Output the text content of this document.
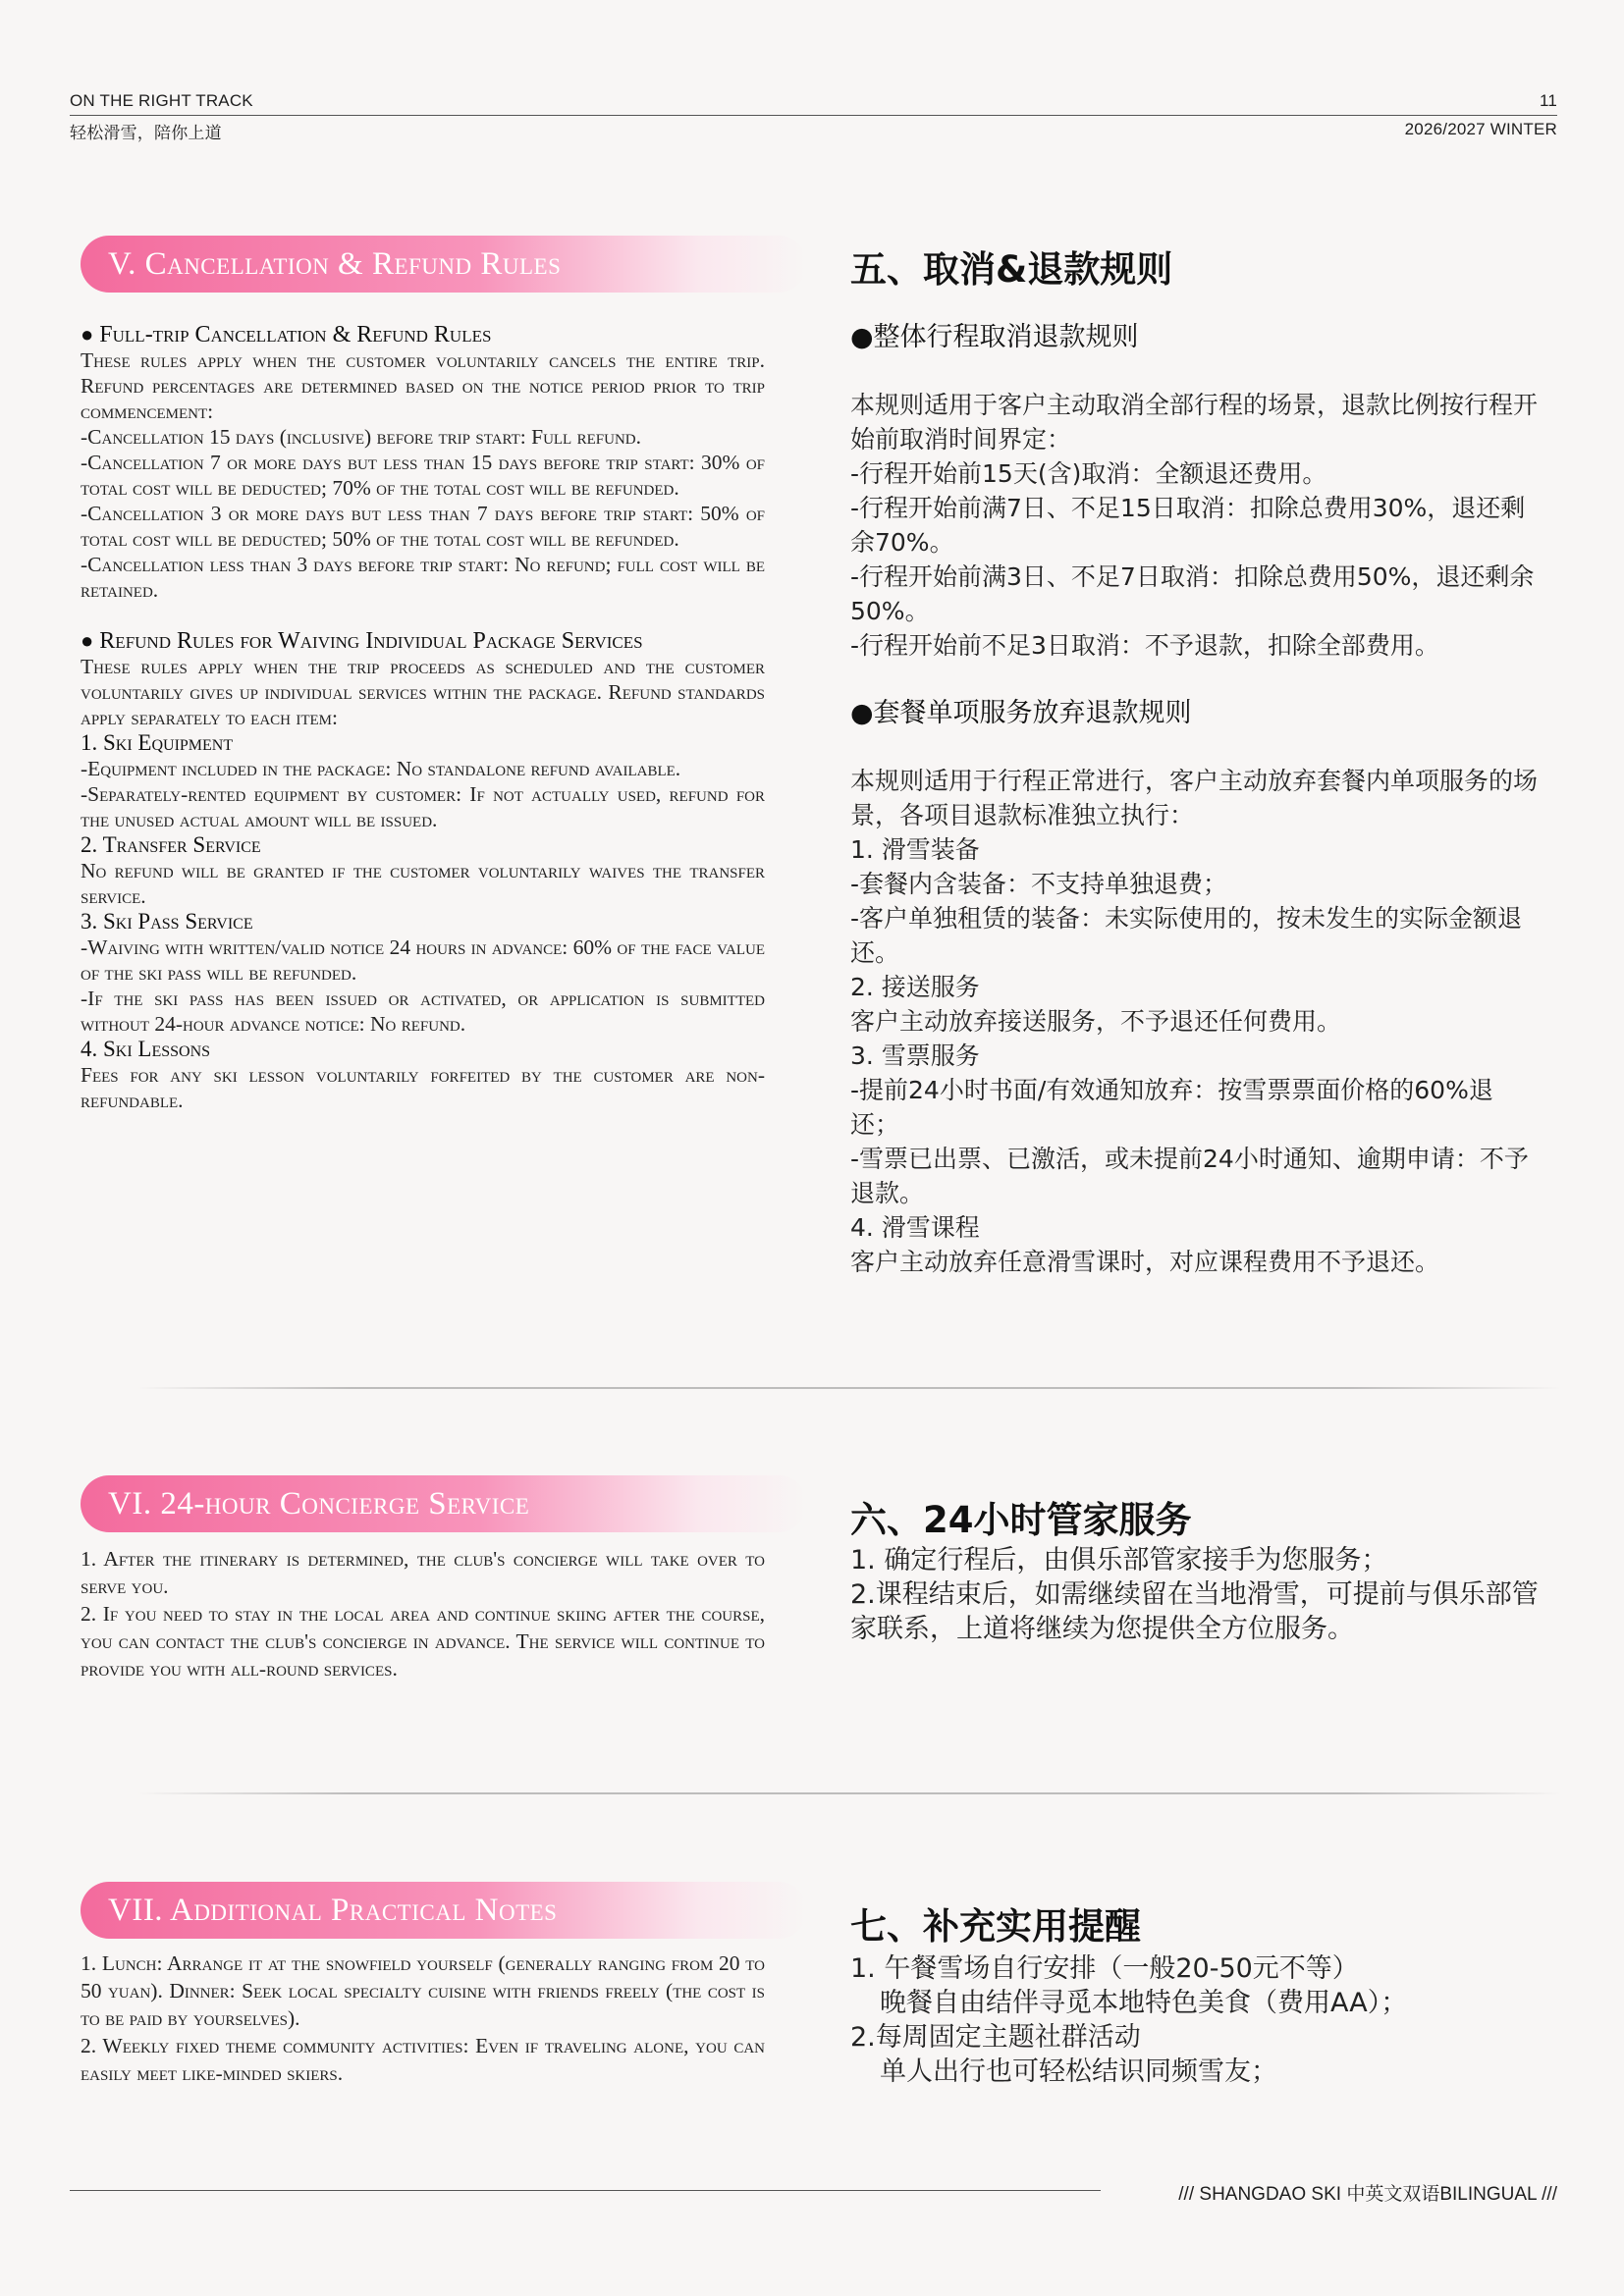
ON THE RIGHT TRACK
轻松滑雪，陪你上道
11
2026/2027 WINTER
V. Cancellation & Refund Rules	五、取消&退款规则
● Full-trip Cancellation & Refund Rules
These rules apply when the customer voluntarily cancels the entire trip. Refund percentages are determined based on the notice period prior to trip commencement:
-Cancellation 15 days (inclusive) before trip start: Full refund.
-Cancellation 7 or more days but less than 15 days before trip start: 30% of total cost will be deducted; 70% of the total cost will be refunded.
-Cancellation 3 or more days but less than 7 days before trip start: 50% of total cost will be deducted; 50% of the total cost will be refunded.
-Cancellation less than 3 days before trip start: No refund; full cost will be retained.
● Refund Rules for Waiving Individual Package Services
These rules apply when the trip proceeds as scheduled and the customer voluntarily gives up individual services within the package. Refund standards apply separately to each item:
1. Ski Equipment
-Equipment included in the package: No standalone refund available.
-Separately-rented equipment by customer: If not actually used, refund for the unused actual amount will be issued.
2. Transfer Service
No refund will be granted if the customer voluntarily waives the transfer service.
3. Ski Pass Service
-Waiving with written/valid notice 24 hours in advance: 60% of the face value of the ski pass will be refunded.
-If the ski pass has been issued or activated, or application is submitted without 24-hour advance notice: No refund.
4. Ski Lessons
Fees for any ski lesson voluntarily forfeited by the customer are non-refundable.
●整体行程取消退款规则
本规则适用于客户主动取消全部行程的场景，退款比例按行程开始前取消时间界定：
-行程开始前15天(含)取消：全额退还费用。
-行程开始前满7日、不足15日取消：扣除总费用30%，退还剩余70%。
-行程开始前满3日、不足7日取消：扣除总费用50%，退还剩余50%。
-行程开始前不足3日取消：不予退款，扣除全部费用。
●套餐单项服务放弃退款规则
本规则适用于行程正常进行，客户主动放弃套餐内单项服务的场景，各项目退款标准独立执行：
1. 滑雪装备
-套餐内含装备：不支持单独退费；
-客户单独租赁的装备：未实际使用的，按未发生的实际金额退还。
2. 接送服务
客户主动放弃接送服务，不予退还任何费用。
3. 雪票服务
-提前24小时书面/有效通知放弃：按雪票票面价格的60%退还；
-雪票已出票、已激活，或未提前24小时通知、逾期申请：不予退款。
4. 滑雪课程
客户主动放弃任意滑雪课时，对应课程费用不予退还。
VI. 24-hour Concierge Service	六、24小时管家服务
1. After the itinerary is determined, the club's concierge will take over to serve you.
2. If you need to stay in the local area and continue skiing after the course, you can contact the club's concierge in advance. The service will continue to provide you with all-round services.
1. 确定行程后，由俱乐部管家接手为您服务；
2.课程结束后，如需继续留在当地滑雪，可提前与俱乐部管家联系，上道将继续为您提供全方位服务。
VII. Additional Practical Notes	七、补充实用提醒
1. Lunch: Arrange it at the snowfield yourself (generally ranging from 20 to 50 yuan). Dinner: Seek local specialty cuisine with friends freely (the cost is to be paid by yourselves).
2. Weekly fixed theme community activities: Even if traveling alone, you can easily meet like-minded skiers.
1. 午餐雪场自行安排（一般20-50元不等）
晚餐自由结伴寻觅本地特色美食（费用AA）；
2.每周固定主题社群活动
单人出行也可轻松结识同频雪友；
/// SHANGDAO SKI 中英文双语BILINGUAL ///
